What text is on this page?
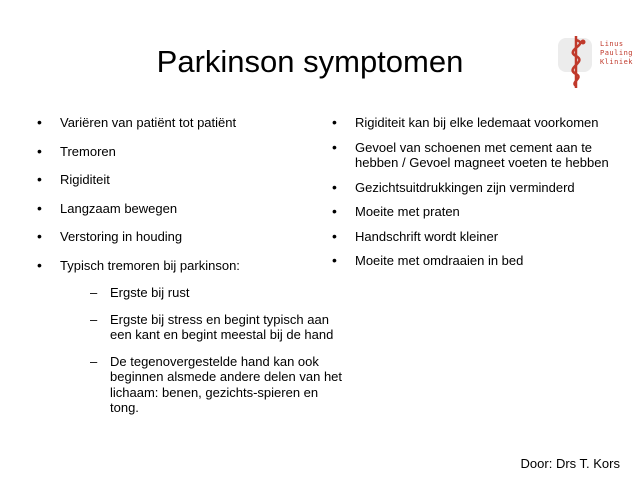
Parkinson symptomen	Linus
Pauling
Kliniek
• Variëren van patiënt tot patiënt
• Tremoren
• Rigiditeit
• Langzaam bewegen
• Verstoring in houding
• Typisch tremoren bij parkinson:
– Ergste bij rust
– Ergste bij stress en begint typisch aan een kant en begint meestal bij de hand
– De tegenovergestelde hand kan ook beginnen alsmede andere delen van het lichaam: benen, gezichts-spieren en tong.
• Rigiditeit kan bij elke ledemaat voorkomen
• Gevoel van schoenen met cement aan te hebben / Gevoel magneet voeten te hebben
• Gezichtsuitdrukkingen zijn verminderd
• Moeite met praten
• Handschrift wordt kleiner
• Moeite met omdraaien in bed
Door: Drs T. Kors
